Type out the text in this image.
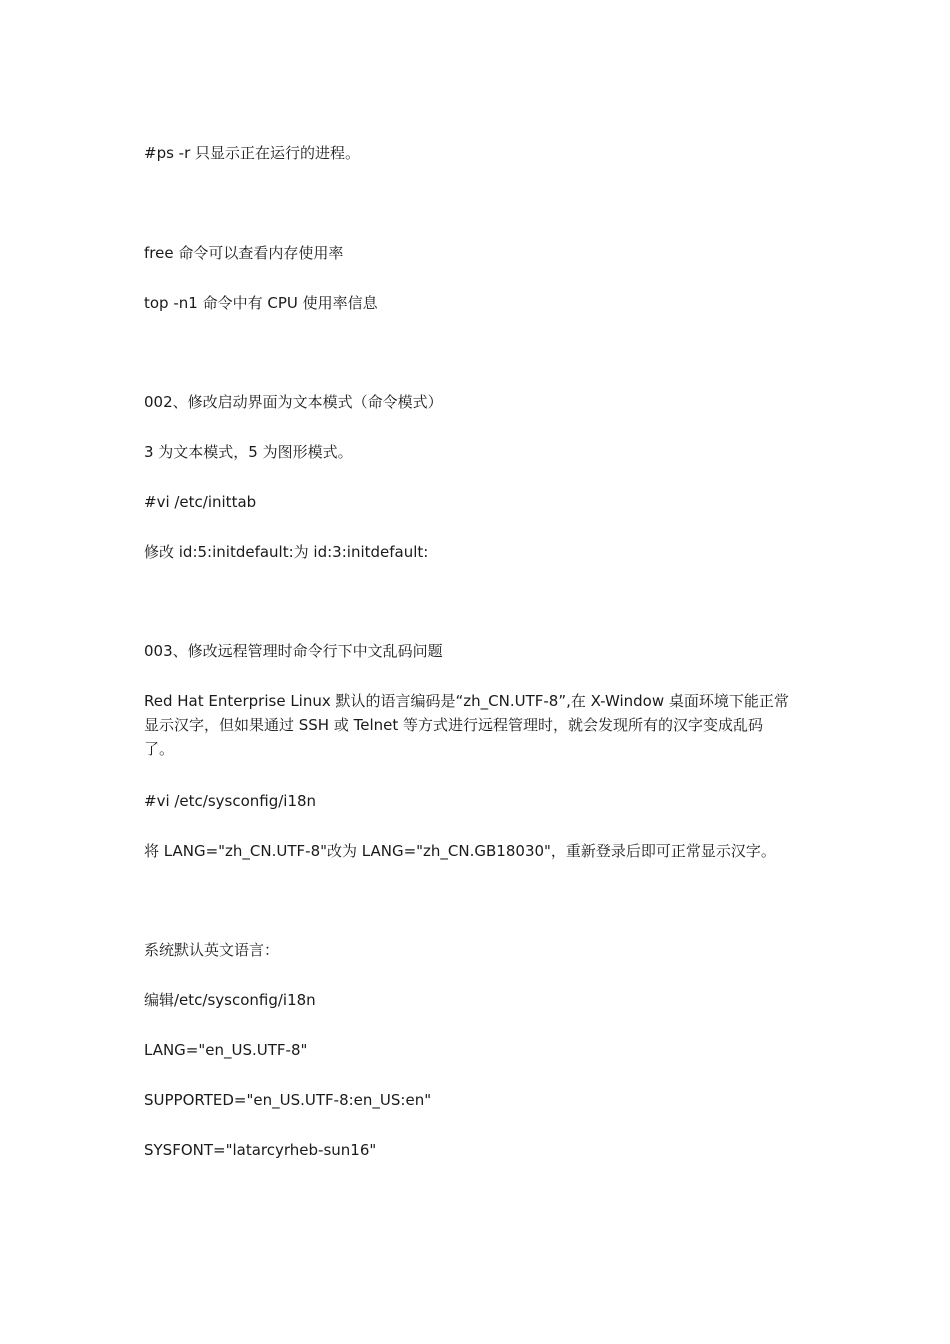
#ps -r 只显示正在运行的进程。
free 命令可以查看内存使用率
top -n1 命令中有 CPU 使用率信息
002、修改启动界面为文本模式（命令模式）
3 为文本模式，5 为图形模式。
#vi /etc/inittab
修改 id:5:initdefault:为 id:3:initdefault:
003、修改远程管理时命令行下中文乱码问题
Red Hat Enterprise Linux 默认的语言编码是“zh_CN.UTF-8”,在 X-Window 桌面环境下能正常
显示汉字，但如果通过 SSH 或 Telnet 等方式进行远程管理时，就会发现所有的汉字变成乱码
了。
#vi /etc/sysconfig/i18n
将 LANG="zh_CN.UTF-8"改为 LANG="zh_CN.GB18030"，重新登录后即可正常显示汉字。
系统默认英文语言：
编辑/etc/sysconfig/i18n
LANG="en_US.UTF-8"
SUPPORTED="en_US.UTF-8:en_US:en"
SYSFONT="latarcyrheb-sun16"
